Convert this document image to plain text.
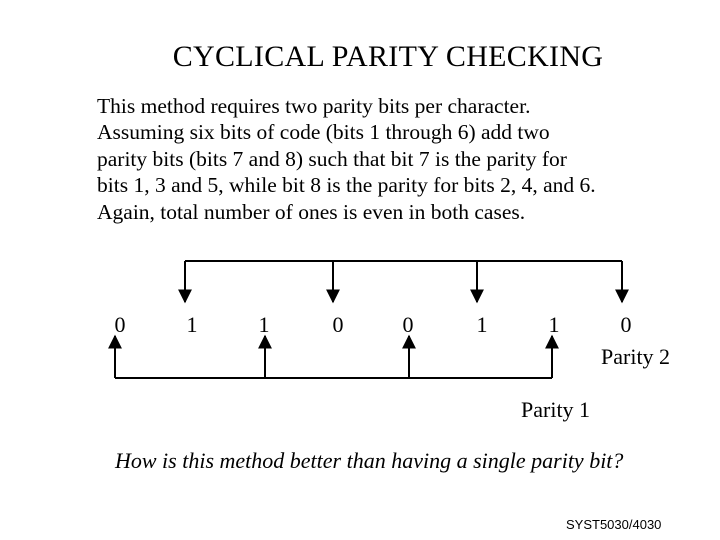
CYCLICAL PARITY CHECKING
This method requires two parity bits per character.
Assuming six bits of code (bits 1 through 6) add two
parity bits (bits 7 and 8) such that bit 7 is the parity for
bits 1, 3 and 5, while bit 8 is the parity for bits 2, 4, and 6.
Again, total number of ones is even in both cases.
0	1	1	0	0	1	1	0
Parity 2
Parity 1
How is this method better than having a single parity bit?
SYST5030/4030
